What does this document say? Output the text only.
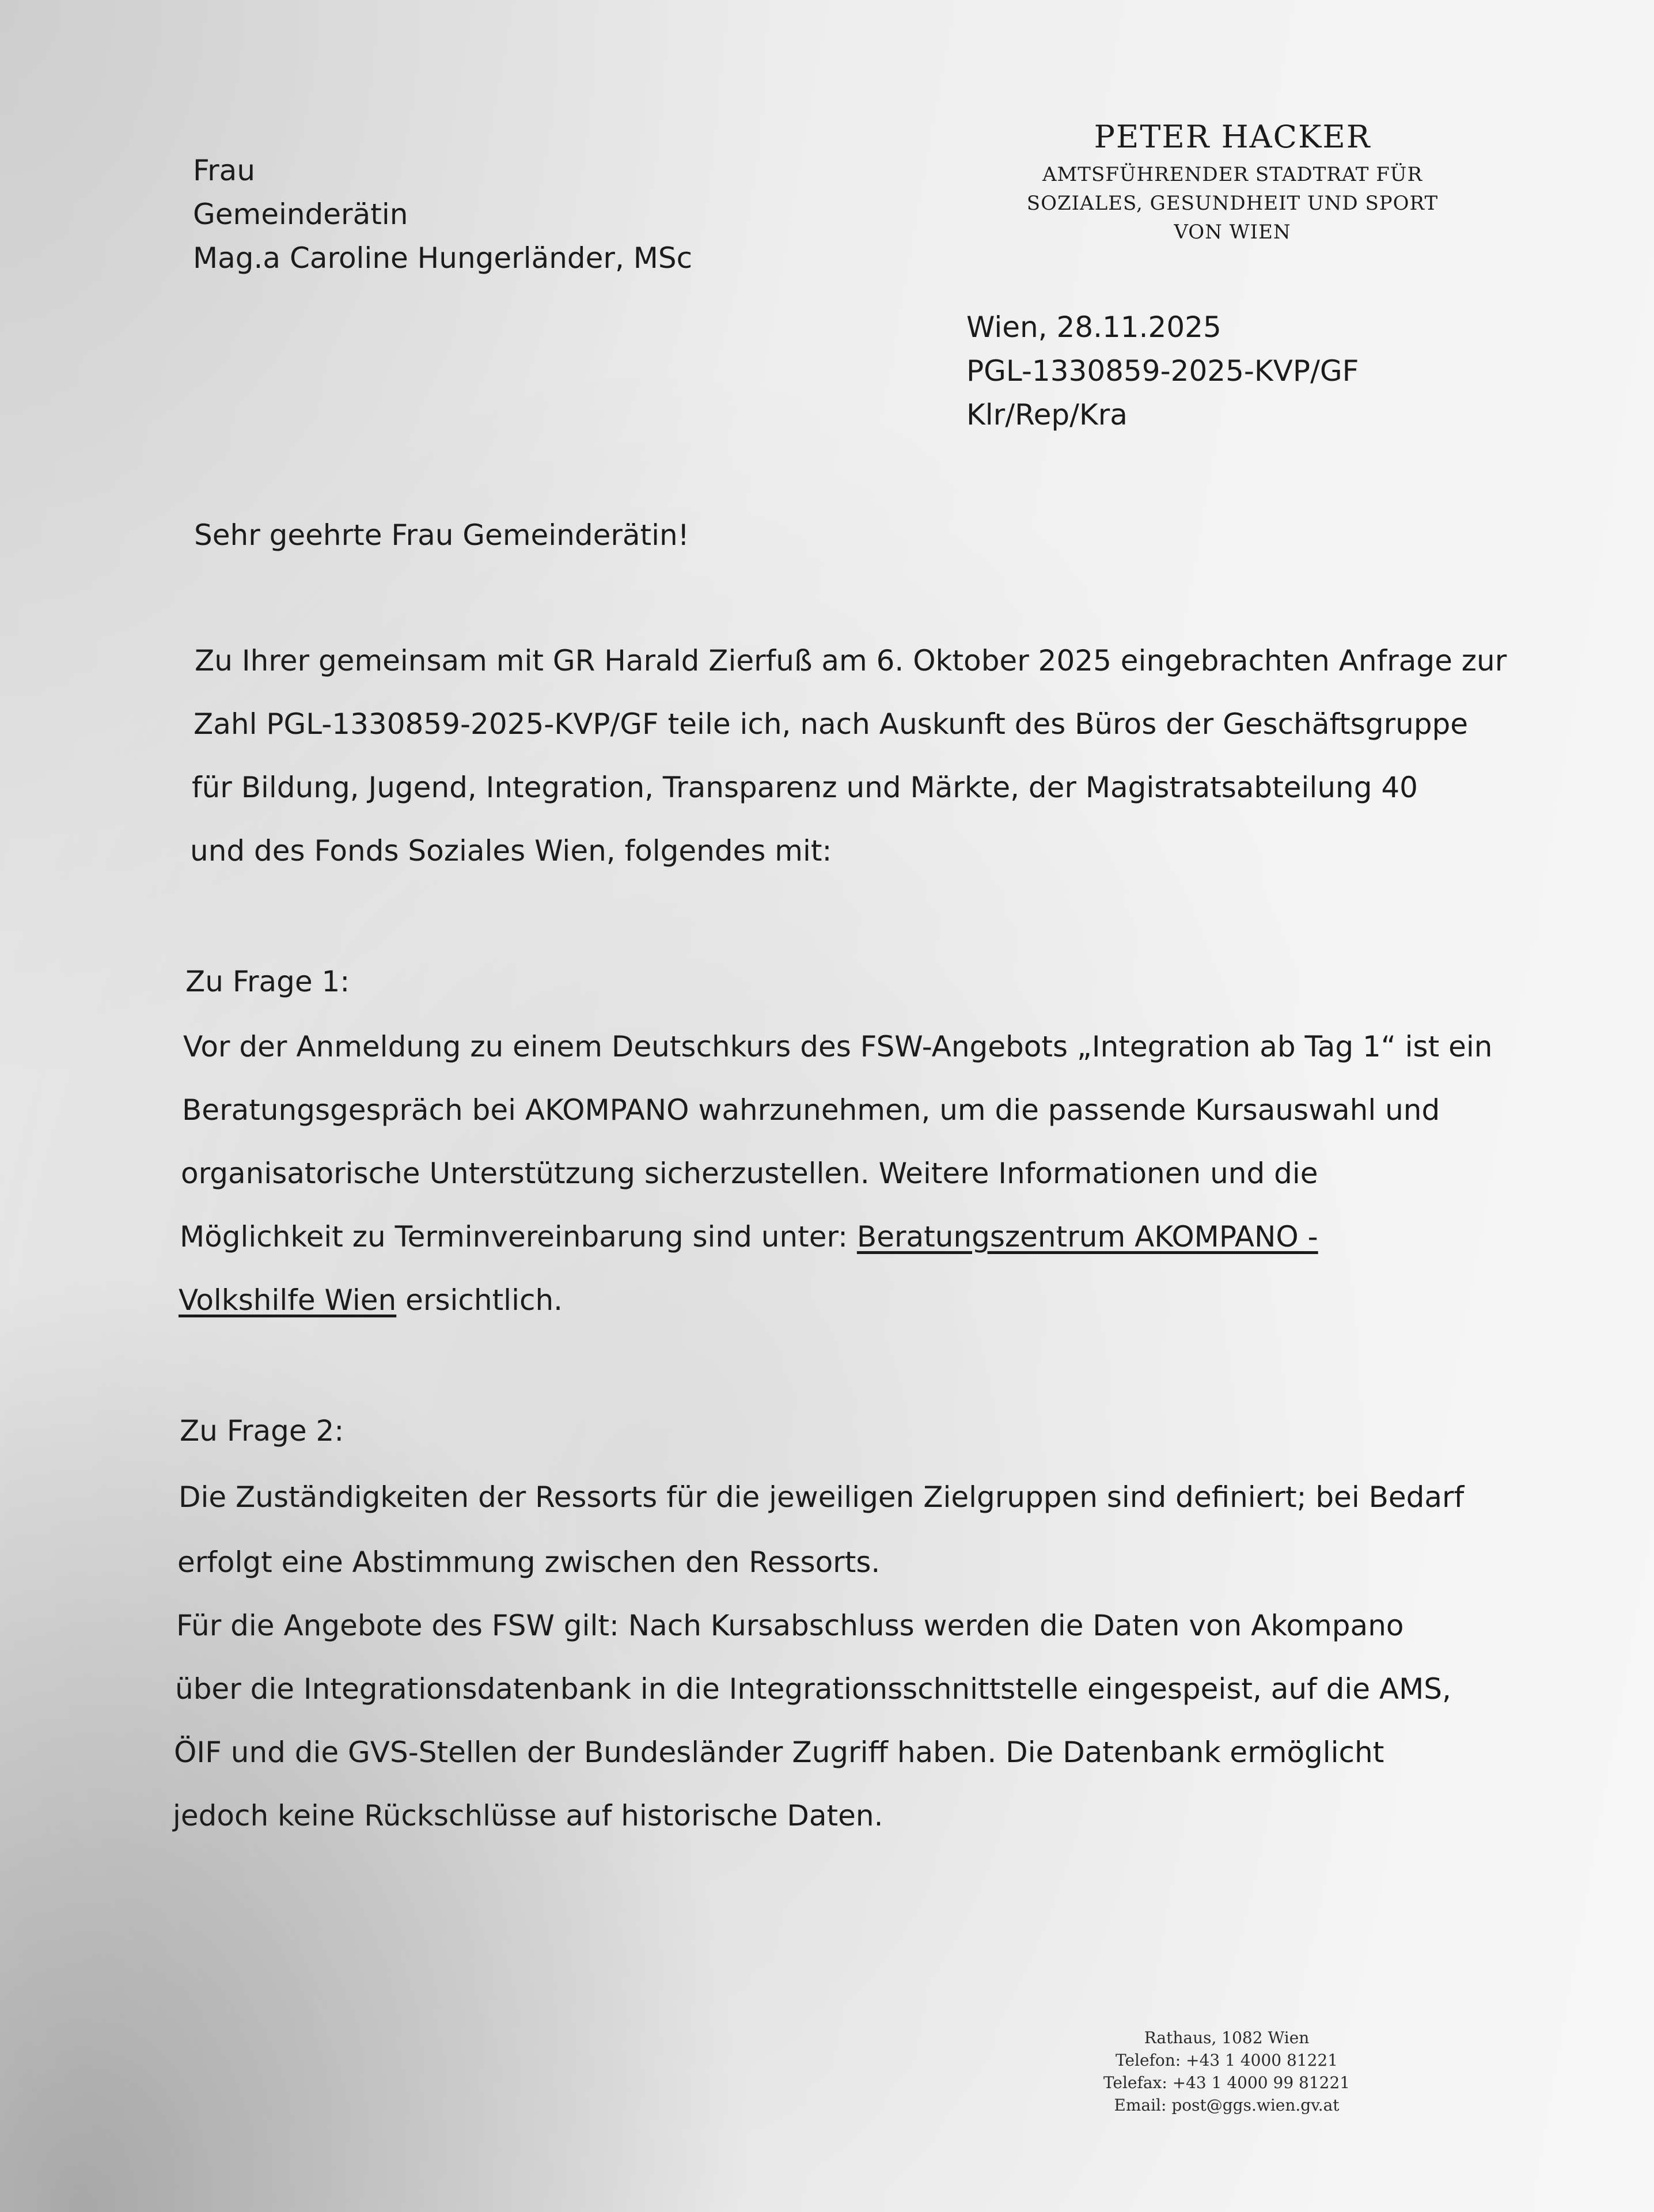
Frau
Gemeinderätin
Mag.a Caroline Hungerländer, MSc
PETER HACKER
AMTSFÜHRENDER STADTRAT FÜR
SOZIALES, GESUNDHEIT UND SPORT
VON WIEN
Wien, 28.11.2025
PGL-1330859-2025-KVP/GF
Klr/Rep/Kra
Sehr geehrte Frau Gemeinderätin!
Zu Ihrer gemeinsam mit GR Harald Zierfuß am 6. Oktober 2025 eingebrachten Anfrage zur
Zahl PGL-1330859-2025-KVP/GF teile ich, nach Auskunft des Büros der Geschäftsgruppe
für Bildung, Jugend, Integration, Transparenz und Märkte, der Magistratsabteilung 40
und des Fonds Soziales Wien, folgendes mit:
Zu Frage 1:
Vor der Anmeldung zu einem Deutschkurs des FSW-Angebots „Integration ab Tag 1“ ist ein
Beratungsgespräch bei AKOMPANO wahrzunehmen, um die passende Kursauswahl und
organisatorische Unterstützung sicherzustellen. Weitere Informationen und die
Möglichkeit zu Terminvereinbarung sind unter: Beratungszentrum AKOMPANO -
Volkshilfe Wien ersichtlich.
Zu Frage 2:
Die Zuständigkeiten der Ressorts für die jeweiligen Zielgruppen sind definiert; bei Bedarf
erfolgt eine Abstimmung zwischen den Ressorts.
Für die Angebote des FSW gilt: Nach Kursabschluss werden die Daten von Akompano
über die Integrationsdatenbank in die Integrationsschnittstelle eingespeist, auf die AMS,
ÖIF und die GVS-Stellen der Bundesländer Zugriff haben. Die Datenbank ermöglicht
jedoch keine Rückschlüsse auf historische Daten.
Rathaus, 1082 Wien
Telefon: +43 1 4000 81221
Telefax: +43 1 4000 99 81221
Email: post@ggs.wien.gv.at
